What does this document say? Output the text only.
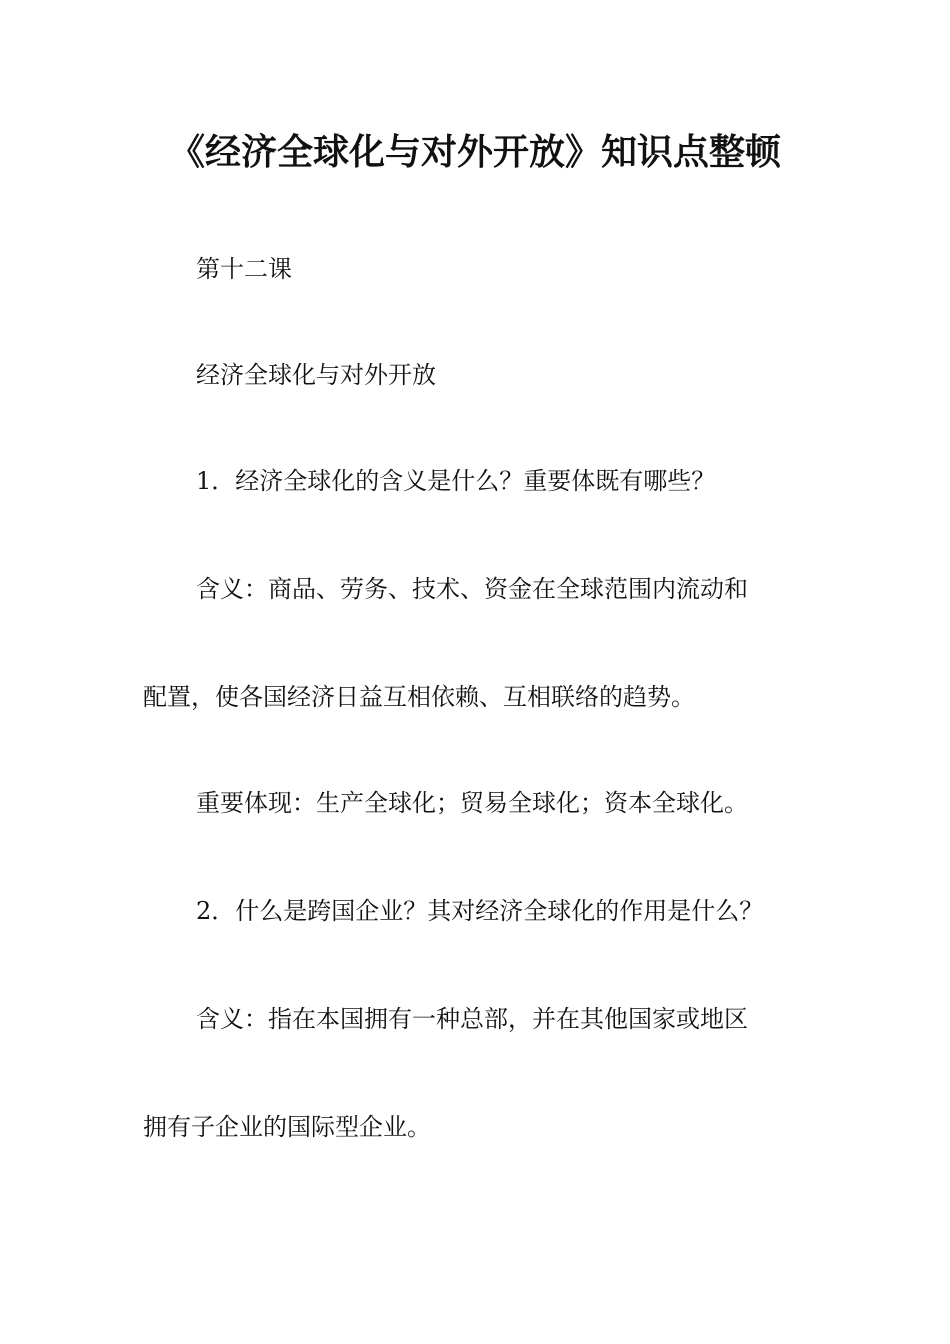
《经济全球化与对外开放》知识点整顿

第十二课

经济全球化与对外开放

1．经济全球化的含义是什么？重要体既有哪些？

含义：商品、劳务、技术、资金在全球范围内流动和

配置，使各国经济日益互相依赖、互相联络的趋势。

重要体现：生产全球化；贸易全球化；资本全球化。

2．什么是跨国企业？其对经济全球化的作用是什么？

含义：指在本国拥有一种总部，并在其他国家或地区

拥有子企业的国际型企业。
